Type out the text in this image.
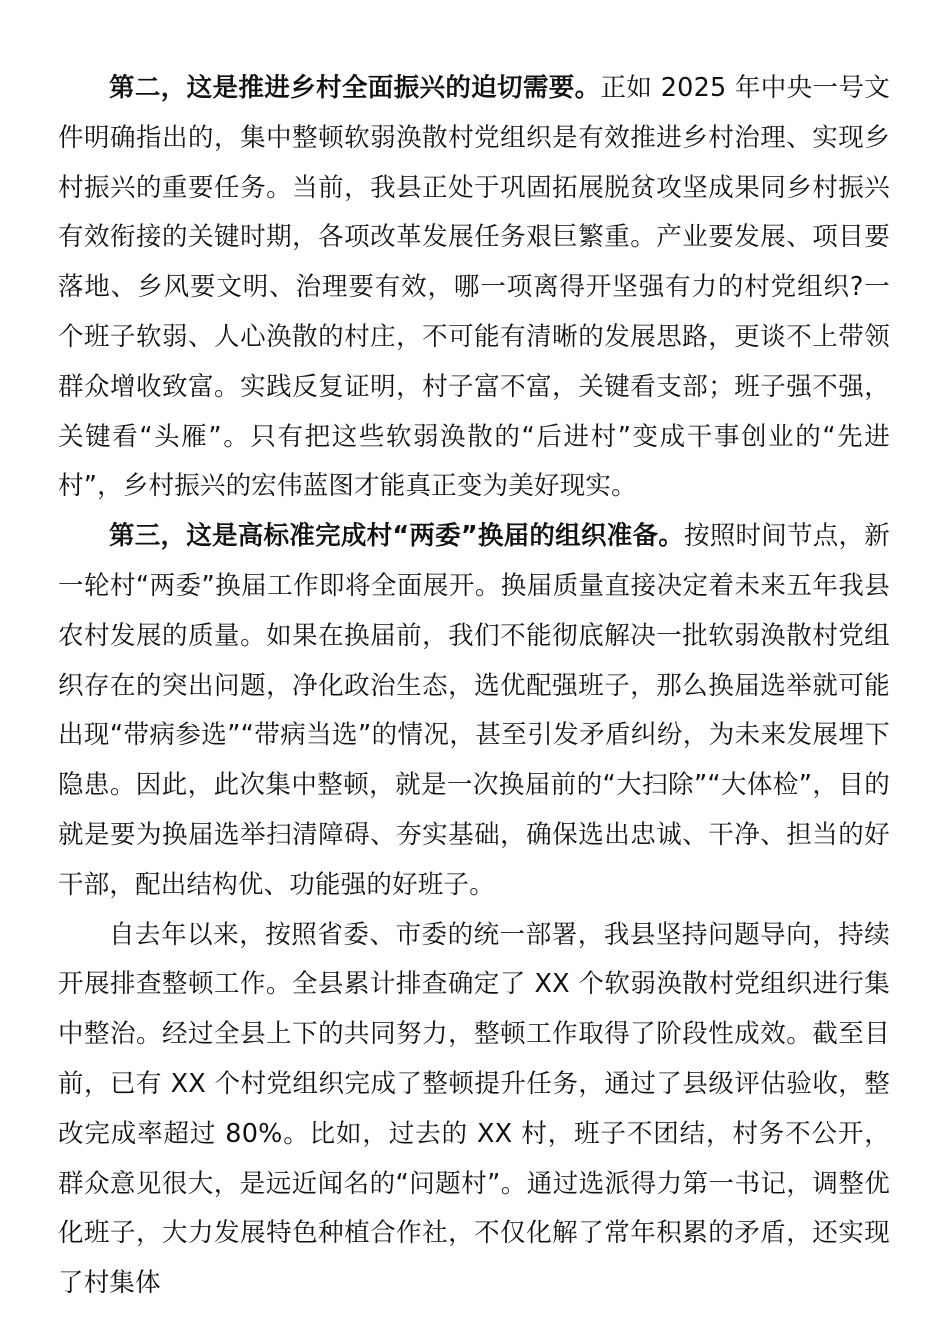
第二，这是推进乡村全面振兴的迫切需要。正如 2025 年中央一号文件明确指出的，集中整顿软弱涣散村党组织是有效推进乡村治理、实现乡村振兴的重要任务。当前，我县正处于巩固拓展脱贫攻坚成果同乡村振兴有效衔接的关键时期，各项改革发展任务艰巨繁重。产业要发展、项目要落地、乡风要文明、治理要有效，哪一项离得开坚强有力的村党组织?一个班子软弱、人心涣散的村庄，不可能有清晰的发展思路，更谈不上带领群众增收致富。实践反复证明，村子富不富，关键看支部；班子强不强，关键看“头雁”。只有把这些软弱涣散的“后进村”变成干事创业的“先进村”，乡村振兴的宏伟蓝图才能真正变为美好现实。

第三，这是高标准完成村“两委”换届的组织准备。按照时间节点，新一轮村“两委”换届工作即将全面展开。换届质量直接决定着未来五年我县农村发展的质量。如果在换届前，我们不能彻底解决一批软弱涣散村党组织存在的突出问题，净化政治生态，选优配强班子，那么换届选举就可能出现“带病参选”“带病当选”的情况，甚至引发矛盾纠纷，为未来发展埋下隐患。因此，此次集中整顿，就是一次换届前的“大扫除”“大体检”，目的就是要为换届选举扫清障碍、夯实基础，确保选出忠诚、干净、担当的好干部，配出结构优、功能强的好班子。

自去年以来，按照省委、市委的统一部署，我县坚持问题导向，持续开展排查整顿工作。全县累计排查确定了 XX 个软弱涣散村党组织进行集中整治。经过全县上下的共同努力，整顿工作取得了阶段性成效。截至目前，已有 XX 个村党组织完成了整顿提升任务，通过了县级评估验收，整改完成率超过 80%。比如，过去的 XX 村，班子不团结，村务不公开，群众意见很大，是远近闻名的“问题村”。通过选派得力第一书记，调整优化班子，大力发展特色种植合作社，不仅化解了常年积累的矛盾，还实现了村集体
